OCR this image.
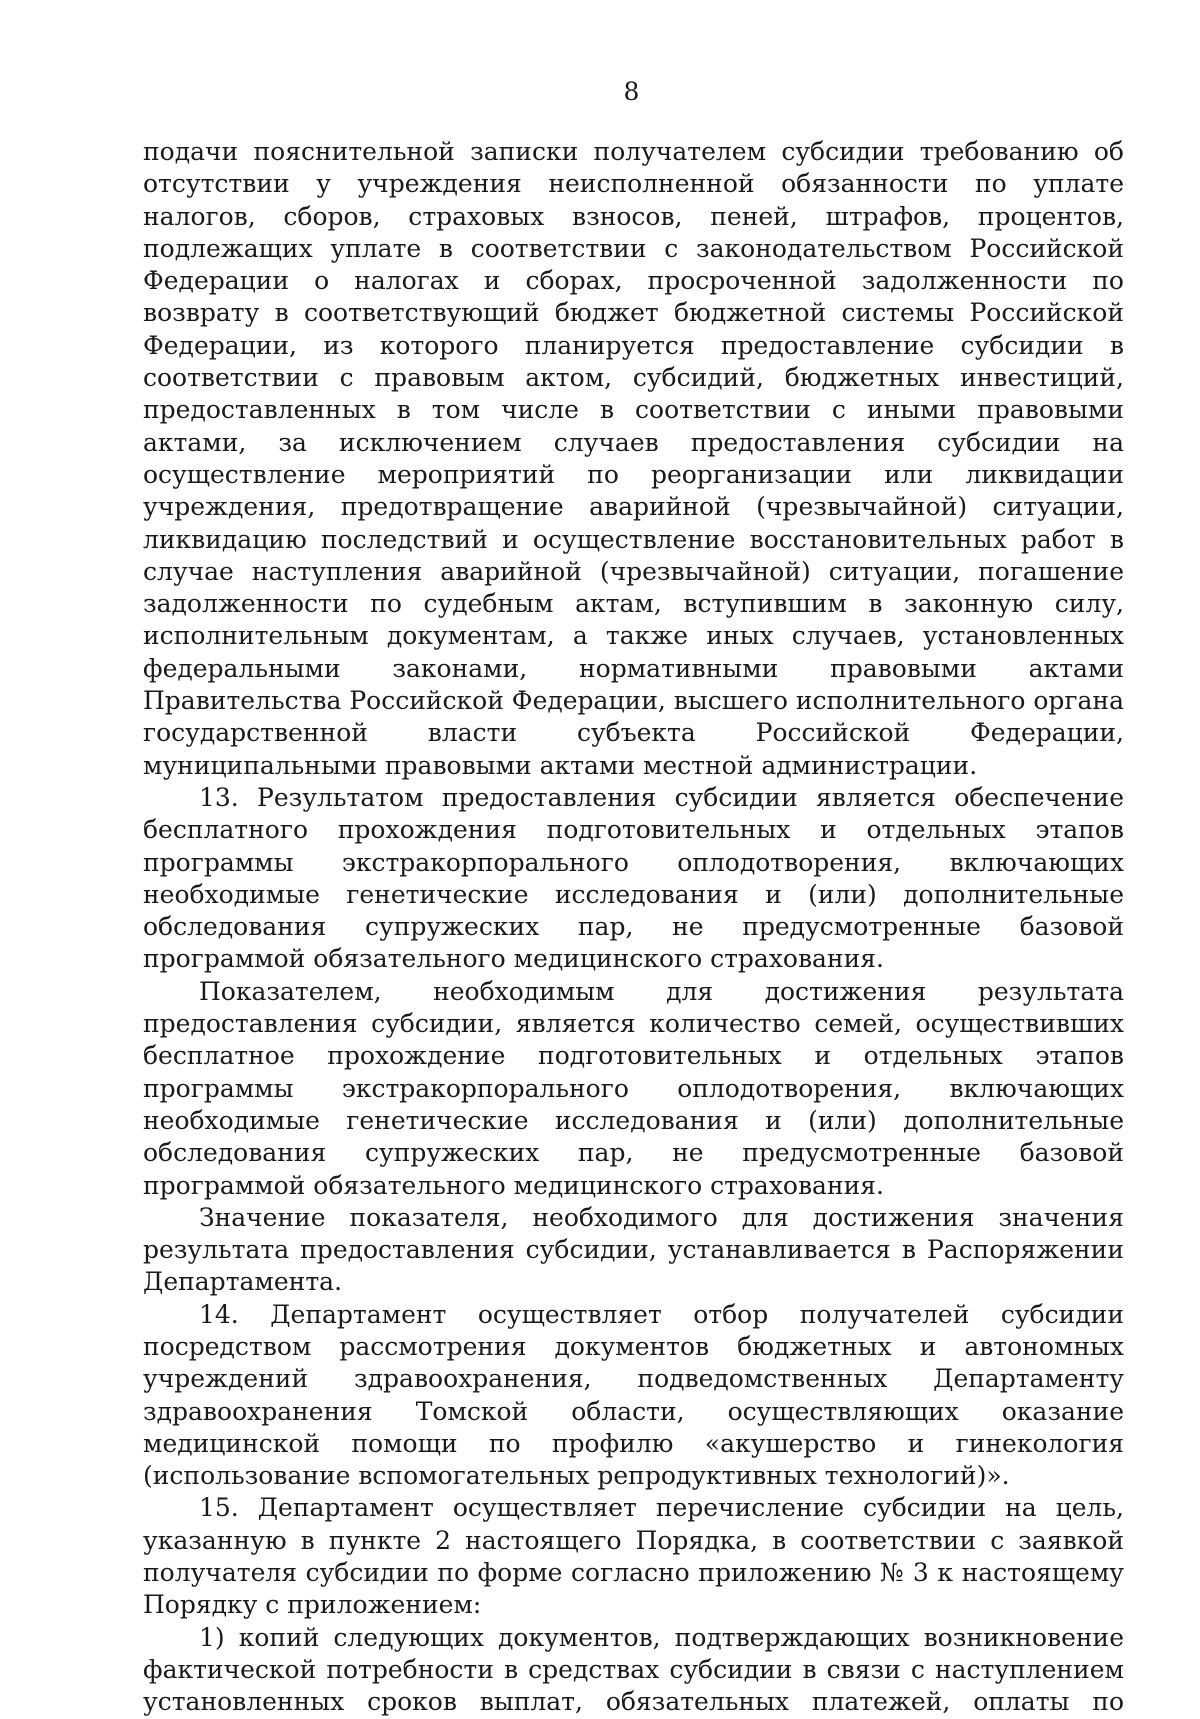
8

подачи пояснительной записки получателем субсидии требованию об отсутствии у учреждения неисполненной обязанности по уплате налогов, сборов, страховых взносов, пеней, штрафов, процентов, подлежащих уплате в соответствии с законодательством Российской Федерации о налогах и сборах, просроченной задолженности по возврату в соответствующий бюджет бюджетной системы Российской Федерации, из которого планируется предоставление субсидии в соответствии с правовым актом, субсидий, бюджетных инвестиций, предоставленных в том числе в соответствии с иными правовыми актами, за исключением случаев предоставления субсидии на осуществление мероприятий по реорганизации или ликвидации учреждения, предотвращение аварийной (чрезвычайной) ситуации, ликвидацию последствий и осуществление восстановительных работ в случае наступления аварийной (чрезвычайной) ситуации, погашение задолженности по судебным актам, вступившим в законную силу, исполнительным документам, а также иных случаев, установленных федеральными законами, нормативными правовыми актами Правительства Российской Федерации, высшего исполнительного органа государственной власти субъекта Российской Федерации, муниципальными правовыми актами местной администрации.

13. Результатом предоставления субсидии является обеспечение бесплатного прохождения подготовительных и отдельных этапов программы экстракорпорального оплодотворения, включающих необходимые генетические исследования и (или) дополнительные обследования супружеских пар, не предусмотренные базовой программой обязательного медицинского страхования.

Показателем, необходимым для достижения результата предоставления субсидии, является количество семей, осуществивших бесплатное прохождение подготовительных и отдельных этапов программы экстракорпорального оплодотворения, включающих необходимые генетические исследования и (или) дополнительные обследования супружеских пар, не предусмотренные базовой программой обязательного медицинского страхования.

Значение показателя, необходимого для достижения значения результата предоставления субсидии, устанавливается в Распоряжении Департамента.

14. Департамент осуществляет отбор получателей субсидии посредством рассмотрения документов бюджетных и автономных учреждений здравоохранения, подведомственных Департаменту здравоохранения Томской области, осуществляющих оказание медицинской помощи по профилю «акушерство и гинекология (использование вспомогательных репродуктивных технологий)».

15. Департамент осуществляет перечисление субсидии на цель, указанную в пункте 2 настоящего Порядка, в соответствии с заявкой получателя субсидии по форме согласно приложению № 3 к настоящему Порядку с приложением:

1) копий следующих документов, подтверждающих возникновение фактической потребности в средствах субсидии в связи с наступлением установленных сроков выплат, обязательных платежей, оплаты по
